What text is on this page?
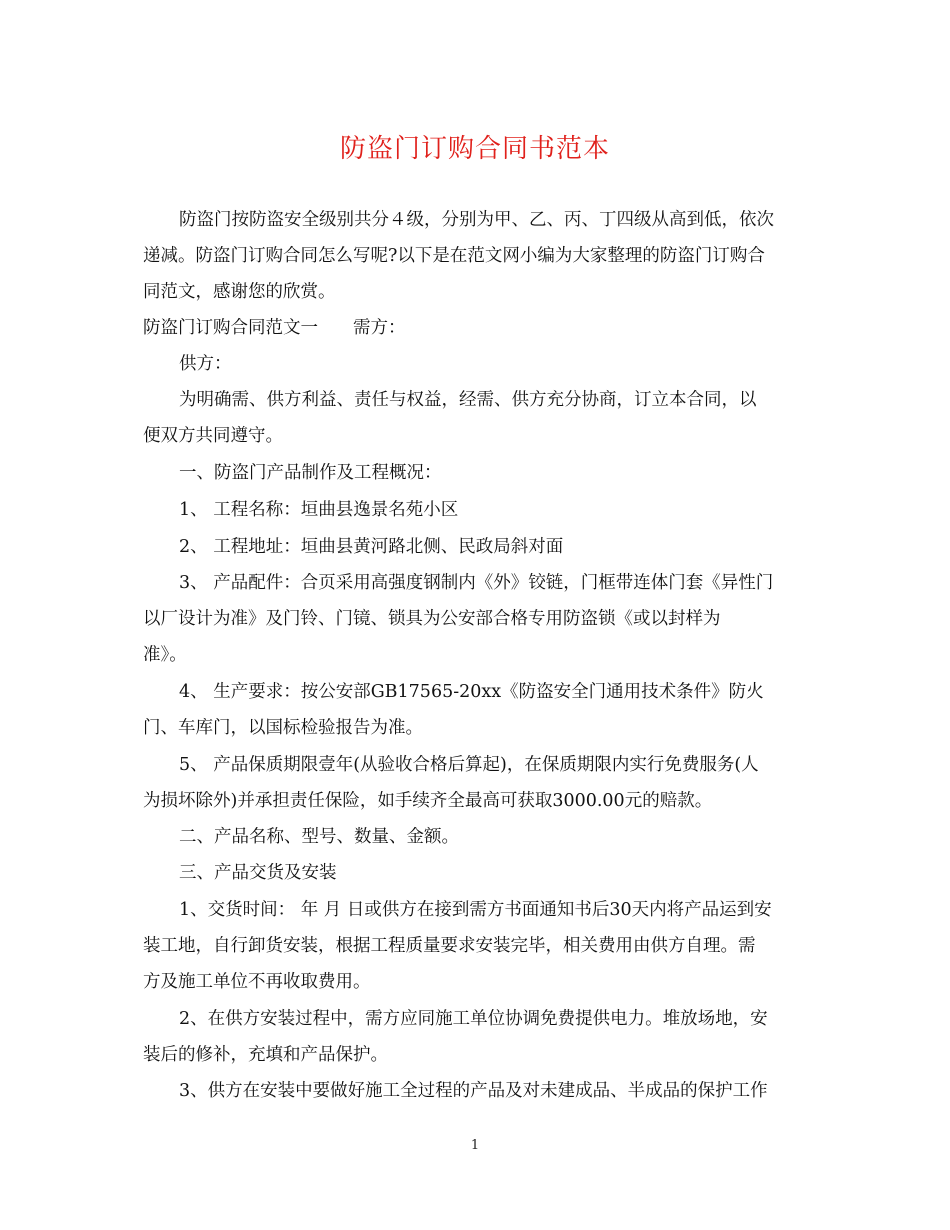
防盗门订购合同书范本
防盗门按防盗安全级别共分４级，分别为甲、乙、丙、丁四级从高到低，依次
递减。防盗门订购合同怎么写呢?以下是在范文网小编为大家整理的防盗门订购合
同范文，感谢您的欣赏。
防盗门订购合同范文一　　需方：
供方：
为明确需、供方利益、责任与权益，经需、供方充分协商，订立本合同，以
便双方共同遵守。
一、防盗门产品制作及工程概况：
1、 工程名称：垣曲县逸景名苑小区
2、 工程地址：垣曲县黄河路北侧、民政局斜对面
3、 产品配件：合页采用高强度钢制内《外》铰链，门框带连体门套《异性门
以厂设计为准》及门铃、门镜、锁具为公安部合格专用防盗锁《或以封样为
准》。
4、 生产要求：按公安部GB17565-20xx《防盗安全门通用技术条件》防火
门、车库门，以国标检验报告为准。
5、 产品保质期限壹年(从验收合格后算起)，在保质期限内实行免费服务(人
为损坏除外)并承担责任保险，如手续齐全最高可获取3000.00元的赔款。
二、产品名称、型号、数量、金额。
三、产品交货及安装
1、交货时间： 年 月 日或供方在接到需方书面通知书后30天内将产品运到安
装工地，自行卸货安装，根据工程质量要求安装完毕，相关费用由供方自理。需
方及施工单位不再收取费用。
2、在供方安装过程中，需方应同施工单位协调免费提供电力。堆放场地，安
装后的修补，充填和产品保护。
3、供方在安装中要做好施工全过程的产品及对未建成品、半成品的保护工作
1
